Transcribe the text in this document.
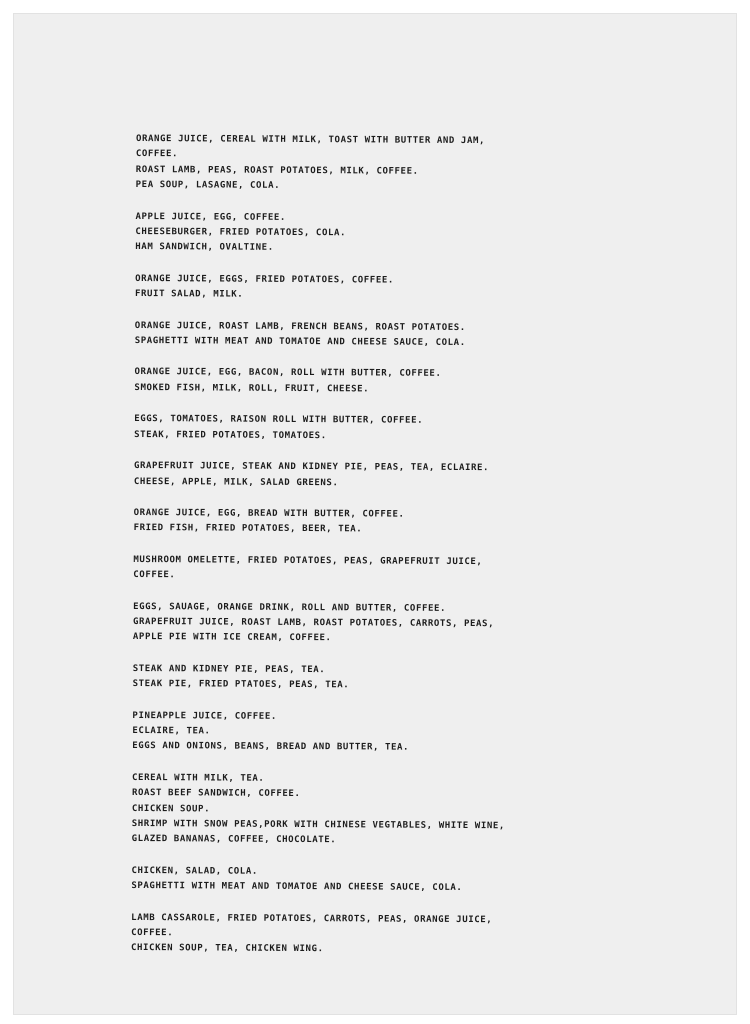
ORANGE JUICE, CEREAL WITH MILK, TOAST WITH BUTTER AND JAM,
COFFEE.
ROAST LAMB, PEAS, ROAST POTATOES, MILK, COFFEE.
PEA SOUP, LASAGNE, COLA.
APPLE JUICE, EGG, COFFEE.
CHEESEBURGER, FRIED POTATOES, COLA.
HAM SANDWICH, OVALTINE.
ORANGE JUICE, EGGS, FRIED POTATOES, COFFEE.
FRUIT SALAD, MILK.
ORANGE JUICE, ROAST LAMB, FRENCH BEANS, ROAST POTATOES.
SPAGHETTI WITH MEAT AND TOMATOE AND CHEESE SAUCE, COLA.
ORANGE JUICE, EGG, BACON, ROLL WITH BUTTER, COFFEE.
SMOKED FISH, MILK, ROLL, FRUIT, CHEESE.
EGGS, TOMATOES, RAISON ROLL WITH BUTTER, COFFEE.
STEAK, FRIED POTATOES, TOMATOES.
GRAPEFRUIT JUICE, STEAK AND KIDNEY PIE, PEAS, TEA, ECLAIRE.
CHEESE, APPLE, MILK, SALAD GREENS.
ORANGE JUICE, EGG, BREAD WITH BUTTER, COFFEE.
FRIED FISH, FRIED POTATOES, BEER, TEA.
MUSHROOM OMELETTE, FRIED POTATOES, PEAS, GRAPEFRUIT JUICE,
COFFEE.
EGGS, SAUAGE, ORANGE DRINK, ROLL AND BUTTER, COFFEE.
GRAPEFRUIT JUICE, ROAST LAMB, ROAST POTATOES, CARROTS, PEAS,
APPLE PIE WITH ICE CREAM, COFFEE.
STEAK AND KIDNEY PIE, PEAS, TEA.
STEAK PIE, FRIED PTATOES, PEAS, TEA.
PINEAPPLE JUICE, COFFEE.
ECLAIRE, TEA.
EGGS AND ONIONS, BEANS, BREAD AND BUTTER, TEA.
CEREAL WITH MILK, TEA.
ROAST BEEF SANDWICH, COFFEE.
CHICKEN SOUP.
SHRIMP WITH SNOW PEAS,PORK WITH CHINESE VEGTABLES, WHITE WINE,
GLAZED BANANAS, COFFEE, CHOCOLATE.
CHICKEN, SALAD, COLA.
SPAGHETTI WITH MEAT AND TOMATOE AND CHEESE SAUCE, COLA.
LAMB CASSAROLE, FRIED POTATOES, CARROTS, PEAS, ORANGE JUICE,
COFFEE.
CHICKEN SOUP, TEA, CHICKEN WING.
